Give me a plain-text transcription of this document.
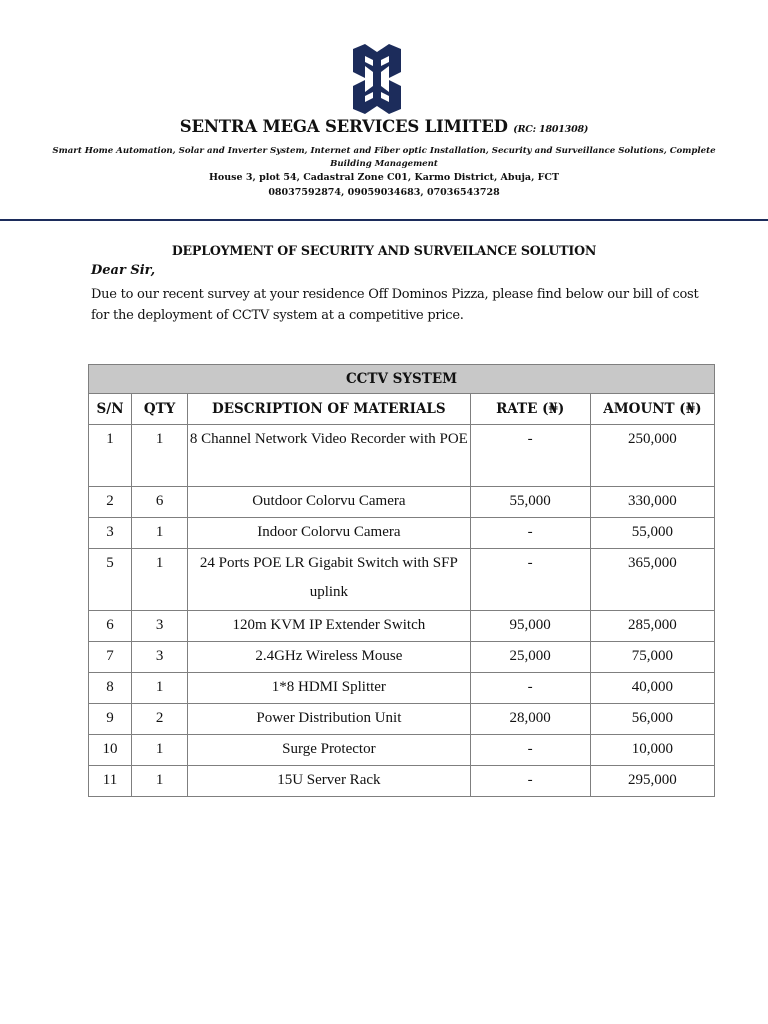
SENTRA MEGA SERVICES LIMITED (RC: 1801308)
Smart Home Automation, Solar and Inverter System, Internet and Fiber optic Installation, Security and Surveillance Solutions, Complete Building Management
House 3, plot 54, Cadastral Zone C01, Karmo District, Abuja, FCT
08037592874, 09059034683, 07036543728
DEPLOYMENT OF SECURITY AND SURVEILANCE SOLUTION
Dear Sir,
Due to our recent survey at your residence Off Dominos Pizza, please find below our bill of cost for the deployment of CCTV system at a competitive price.
CCTV SYSTEM				
S/N	QTY	DESCRIPTION OF MATERIALS	RATE (₦)	AMOUNT (₦)
1	1	8 Channel Network Video Recorder with POE	-	250,000
2	6	Outdoor Colorvu Camera	55,000	330,000
3	1	Indoor Colorvu Camera	-	55,000
5	1	24 Ports POE LR Gigabit Switch with SFP uplink	-	365,000
6	3	120m KVM IP Extender Switch	95,000	285,000
7	3	2.4GHz Wireless Mouse	25,000	75,000
8	1	1*8 HDMI Splitter	-	40,000
9	2	Power Distribution Unit	28,000	56,000
10	1	Surge Protector	-	10,000
11	1	15U Server Rack	-	295,000
